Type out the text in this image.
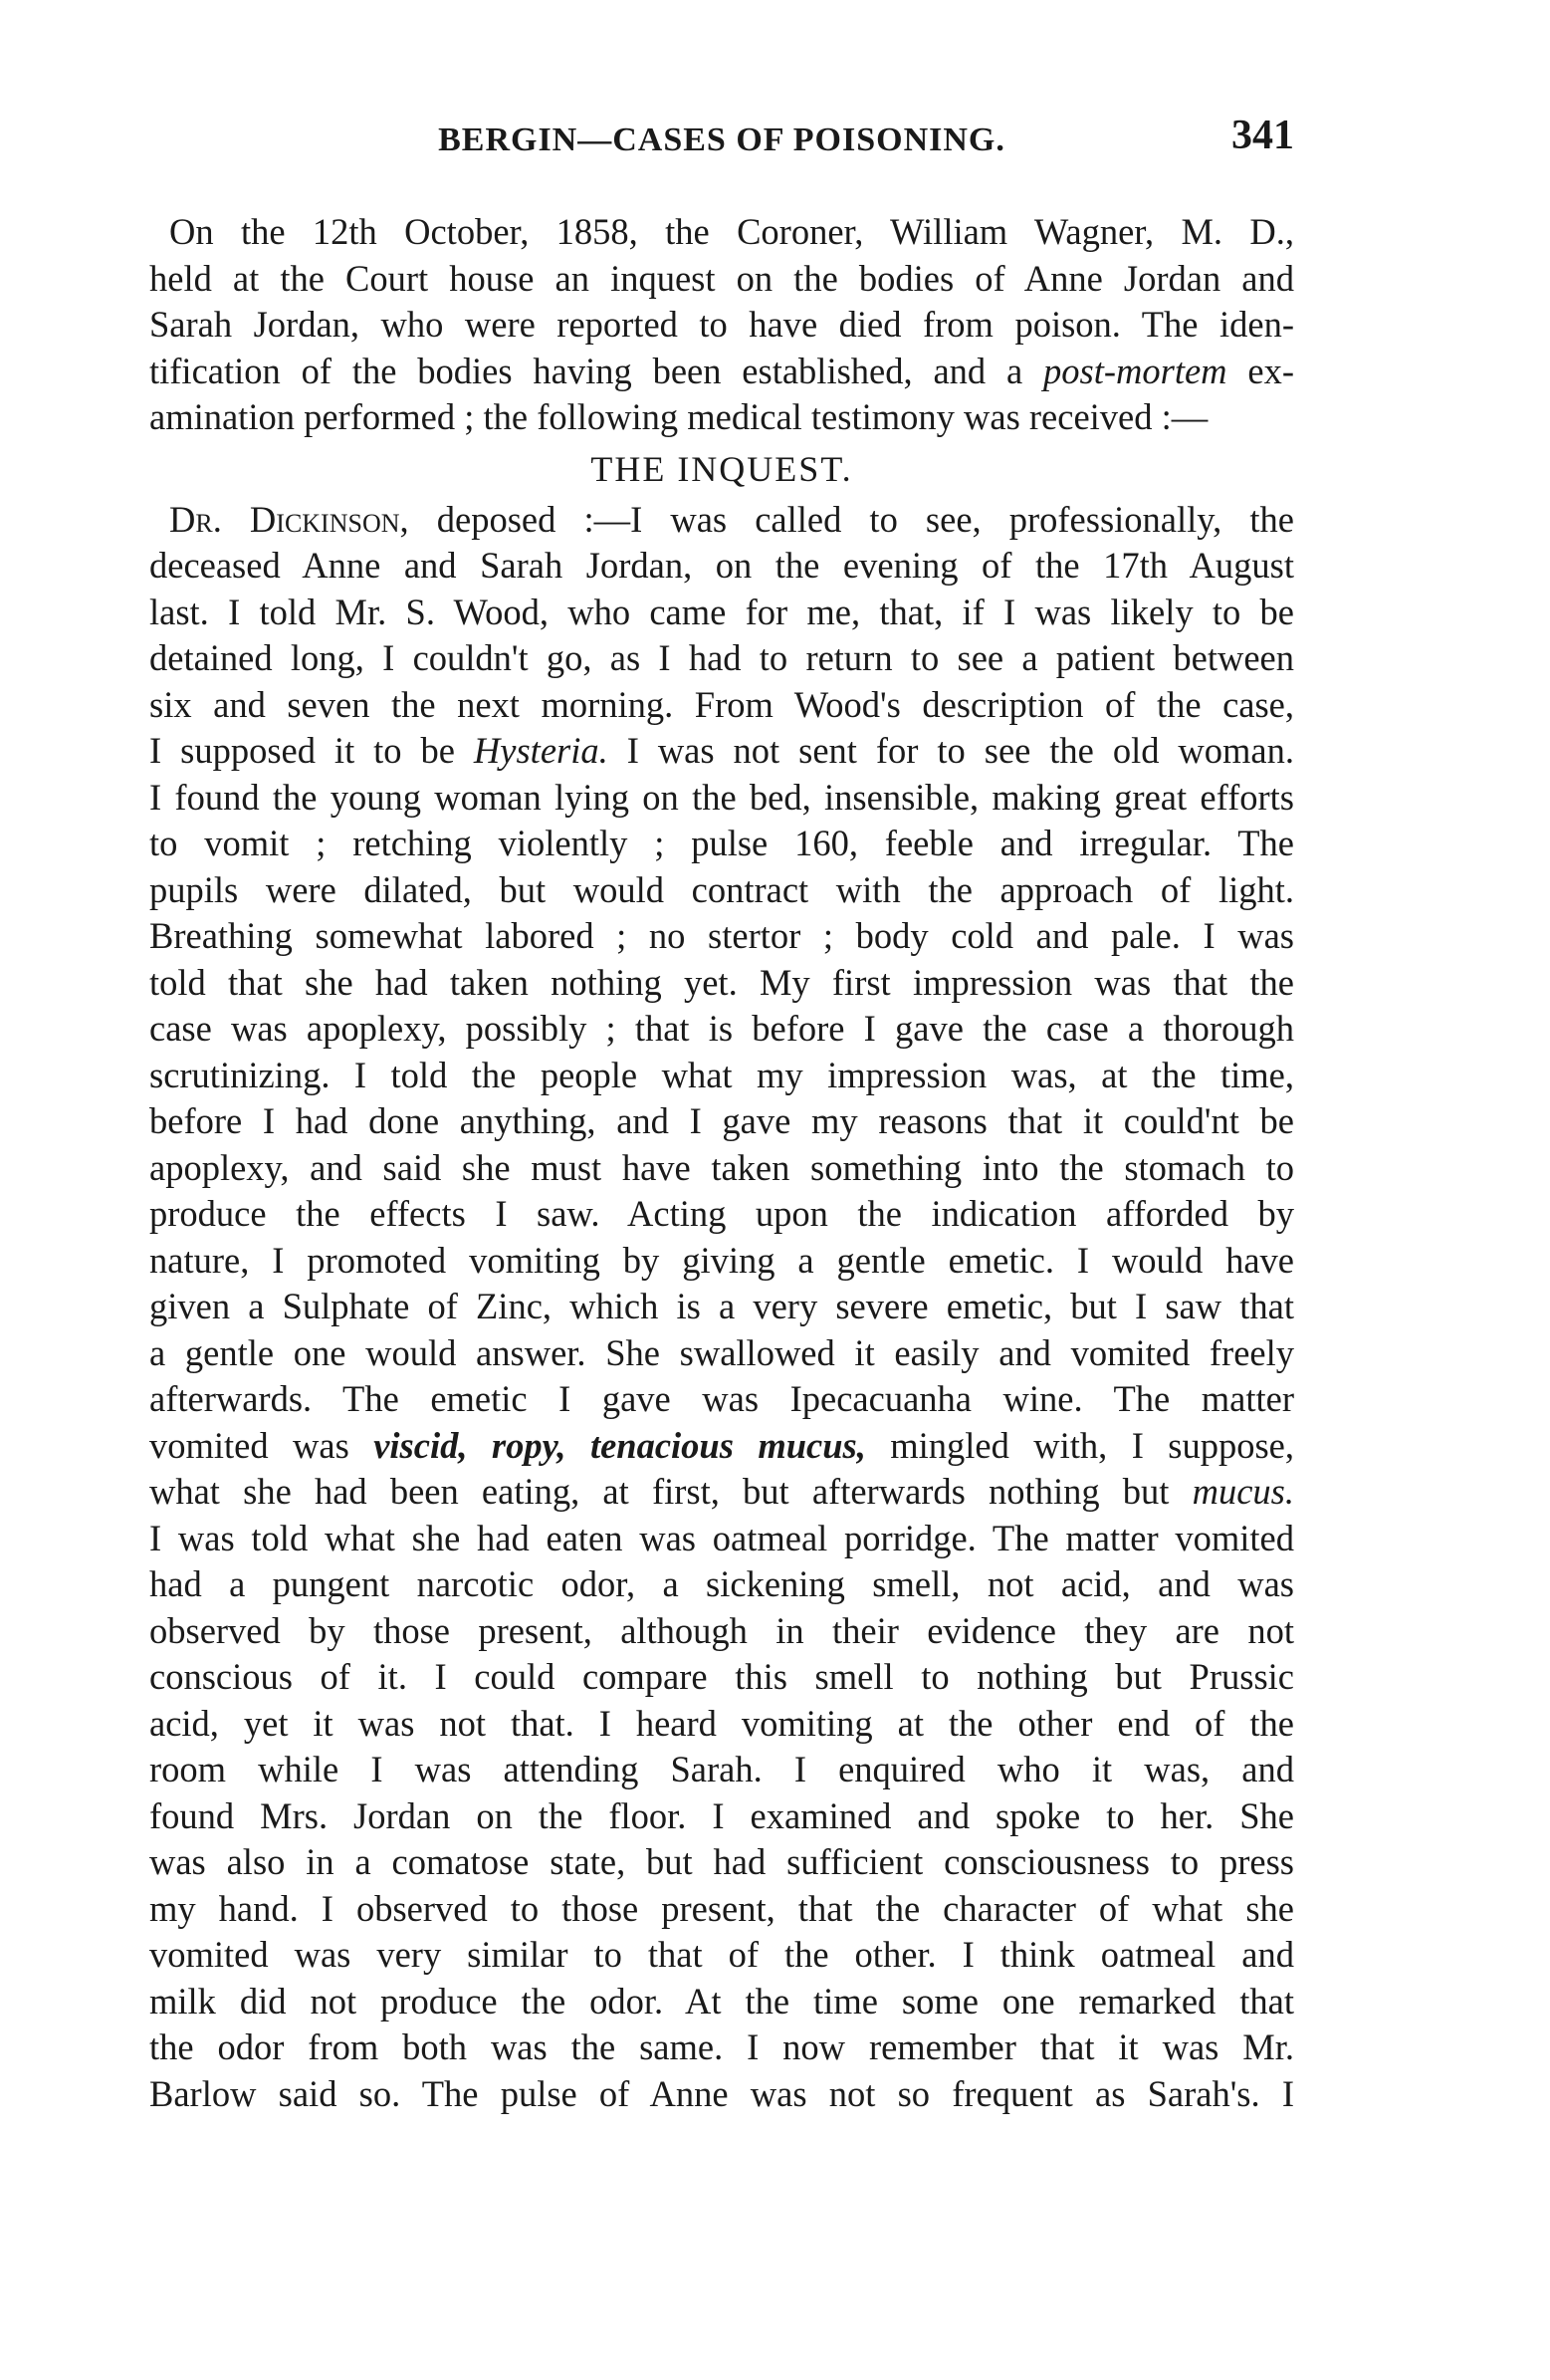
BERGIN—CASES OF POISONING.	341
On the 12th October, 1858, the Coroner, William Wagner, M. D.,
held at the Court house an inquest on the bodies of Anne Jordan and
Sarah Jordan, who were reported to have died from poison. The iden-
tification of the bodies having been established, and a post-mortem ex-
amination performed ; the following medical testimony was received :—
THE INQUEST.
Dr. Dickinson, deposed :—I was called to see, professionally, the
deceased Anne and Sarah Jordan, on the evening of the 17th August
last. I told Mr. S. Wood, who came for me, that, if I was likely to be
detained long, I couldn't go, as I had to return to see a patient between
six and seven the next morning. From Wood's description of the case,
I supposed it to be Hysteria. I was not sent for to see the old woman.
I found the young woman lying on the bed, insensible, making great efforts
to vomit ; retching violently ; pulse 160, feeble and irregular. The
pupils were dilated, but would contract with the approach of light.
Breathing somewhat labored ; no stertor ; body cold and pale. I was
told that she had taken nothing yet. My first impression was that the
case was apoplexy, possibly ; that is before I gave the case a thorough
scrutinizing. I told the people what my impression was, at the time,
before I had done anything, and I gave my reasons that it could'nt be
apoplexy, and said she must have taken something into the stomach to
produce the effects I saw. Acting upon the indication afforded by
nature, I promoted vomiting by giving a gentle emetic. I would have
given a Sulphate of Zinc, which is a very severe emetic, but I saw that
a gentle one would answer. She swallowed it easily and vomited freely
afterwards. The emetic I gave was Ipecacuanha wine. The matter
vomited was viscid, ropy, tenacious mucus, mingled with, I suppose,
what she had been eating, at first, but afterwards nothing but mucus.
I was told what she had eaten was oatmeal porridge. The matter vomited
had a pungent narcotic odor, a sickening smell, not acid, and was
observed by those present, although in their evidence they are not
conscious of it. I could compare this smell to nothing but Prussic
acid, yet it was not that. I heard vomiting at the other end of the
room while I was attending Sarah. I enquired who it was, and
found Mrs. Jordan on the floor. I examined and spoke to her. She
was also in a comatose state, but had sufficient consciousness to press
my hand. I observed to those present, that the character of what she
vomited was very similar to that of the other. I think oatmeal and
milk did not produce the odor. At the time some one remarked that
the odor from both was the same. I now remember that it was Mr.
Barlow said so. The pulse of Anne was not so frequent as Sarah's. I
